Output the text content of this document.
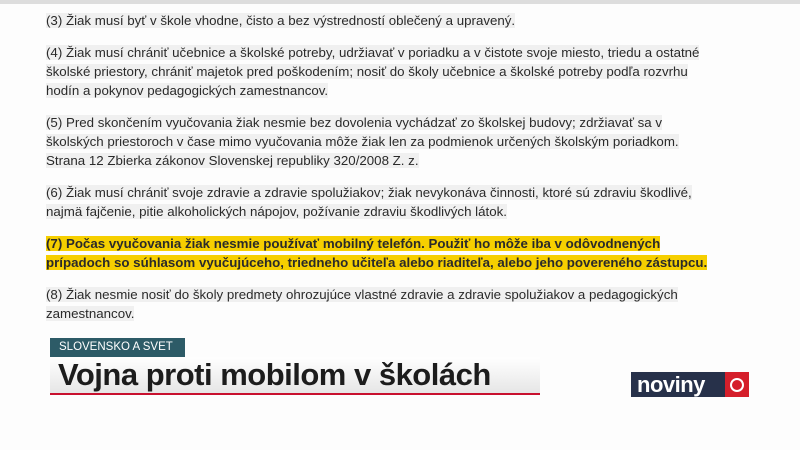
(3) Žiak musí byť v škole vhodne, čisto a bez výstredností oblečený a upravený.
(4) Žiak musí chrániť učebnice a školské potreby, udržiavať v poriadku a v čistote svoje miesto, triedu a ostatné
školské priestory, chrániť majetok pred poškodením; nosiť do školy učebnice a školské potreby podľa rozvrhu
hodín a pokynov pedagogických zamestnancov.
(5) Pred skončením vyučovania žiak nesmie bez dovolenia vychádzať zo školskej budovy; zdržiavať sa v
školských priestoroch v čase mimo vyučovania môže žiak len za podmienok určených školským poriadkom.
Strana 12 Zbierka zákonov Slovenskej republiky 320/2008 Z. z.
(6) Žiak musí chrániť svoje zdravie a zdravie spolužiakov; žiak nevykonáva činnosti, ktoré sú zdraviu škodlivé,
najmä fajčenie, pitie alkoholických nápojov, požívanie zdraviu škodlivých látok.
(7) Počas vyučovania žiak nesmie používať mobilný telefón. Použiť ho môže iba v odôvodnených
prípadoch so súhlasom vyučujúceho, triedneho učiteľa alebo riaditeľa, alebo jeho povereného zástupcu.
(8) Žiak nesmie nosiť do školy predmety ohrozujúce vlastné zdravie a zdravie spolužiakov a pedagogických
zamestnancov.
SLOVENSKO A SVET
Vojna proti mobilom v školách	noviny
